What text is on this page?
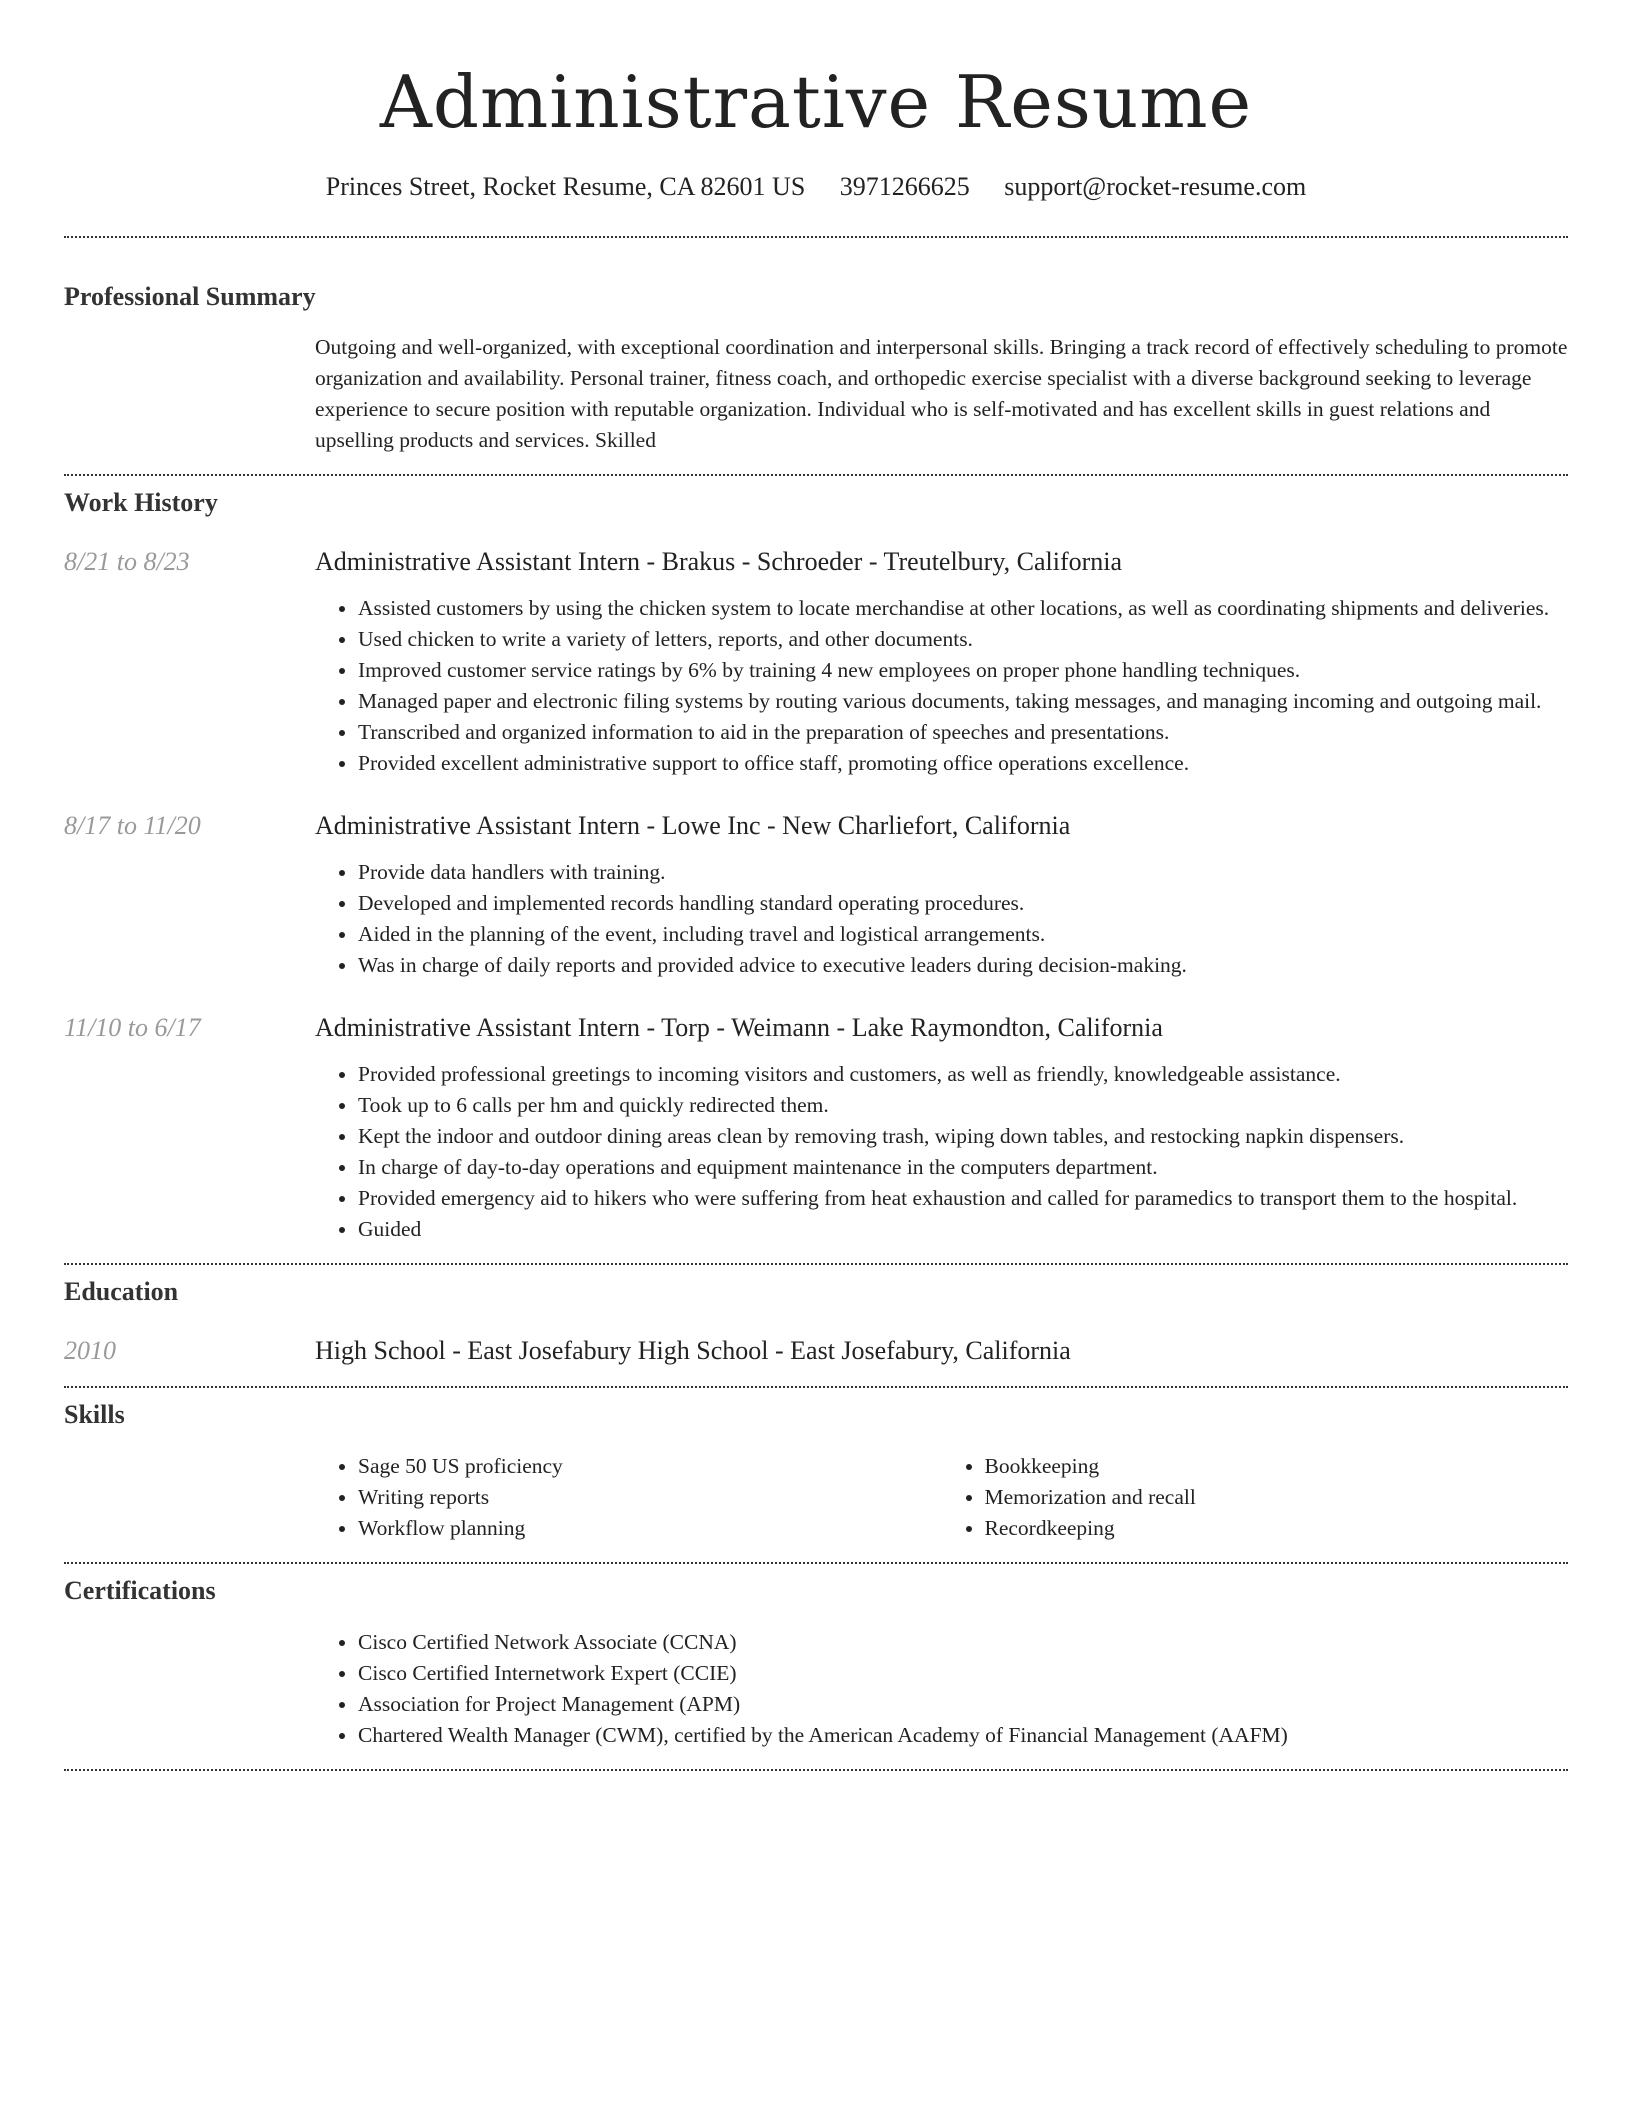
Administrative Resume
Princes Street, Rocket Resume, CA 82601 US 3971266625 support@rocket-resume.com
Professional Summary
Outgoing and well-organized, with exceptional coordination and interpersonal skills. Bringing a track record of effectively scheduling to promote organization and availability. Personal trainer, fitness coach, and orthopedic exercise specialist with a diverse background seeking to leverage experience to secure position with reputable organization. Individual who is self-motivated and has excellent skills in guest relations and upselling products and services. Skilled
Work History
8/21 to 8/23	Administrative Assistant Intern - Brakus - Schroeder - Treutelbury, California
• Assisted customers by using the chicken system to locate merchandise at other locations, as well as coordinating shipments and deliveries.
• Used chicken to write a variety of letters, reports, and other documents.
• Improved customer service ratings by 6% by training 4 new employees on proper phone handling techniques.
• Managed paper and electronic filing systems by routing various documents, taking messages, and managing incoming and outgoing mail.
• Transcribed and organized information to aid in the preparation of speeches and presentations.
• Provided excellent administrative support to office staff, promoting office operations excellence.
8/17 to 11/20	Administrative Assistant Intern - Lowe Inc - New Charliefort, California
• Provide data handlers with training.
• Developed and implemented records handling standard operating procedures.
• Aided in the planning of the event, including travel and logistical arrangements.
• Was in charge of daily reports and provided advice to executive leaders during decision-making.
11/10 to 6/17	Administrative Assistant Intern - Torp - Weimann - Lake Raymondton, California
• Provided professional greetings to incoming visitors and customers, as well as friendly, knowledgeable assistance.
• Took up to 6 calls per hm and quickly redirected them.
• Kept the indoor and outdoor dining areas clean by removing trash, wiping down tables, and restocking napkin dispensers.
• In charge of day-to-day operations and equipment maintenance in the computers department.
• Provided emergency aid to hikers who were suffering from heat exhaustion and called for paramedics to transport them to the hospital.
• Guided
Education
2010	High School - East Josefabury High School - East Josefabury, California
Skills
• Sage 50 US proficiency
• Writing reports
• Workflow planning
• Bookkeeping
• Memorization and recall
• Recordkeeping
Certifications
• Cisco Certified Network Associate (CCNA)
• Cisco Certified Internetwork Expert (CCIE)
• Association for Project Management (APM)
• Chartered Wealth Manager (CWM), certified by the American Academy of Financial Management (AAFM)
